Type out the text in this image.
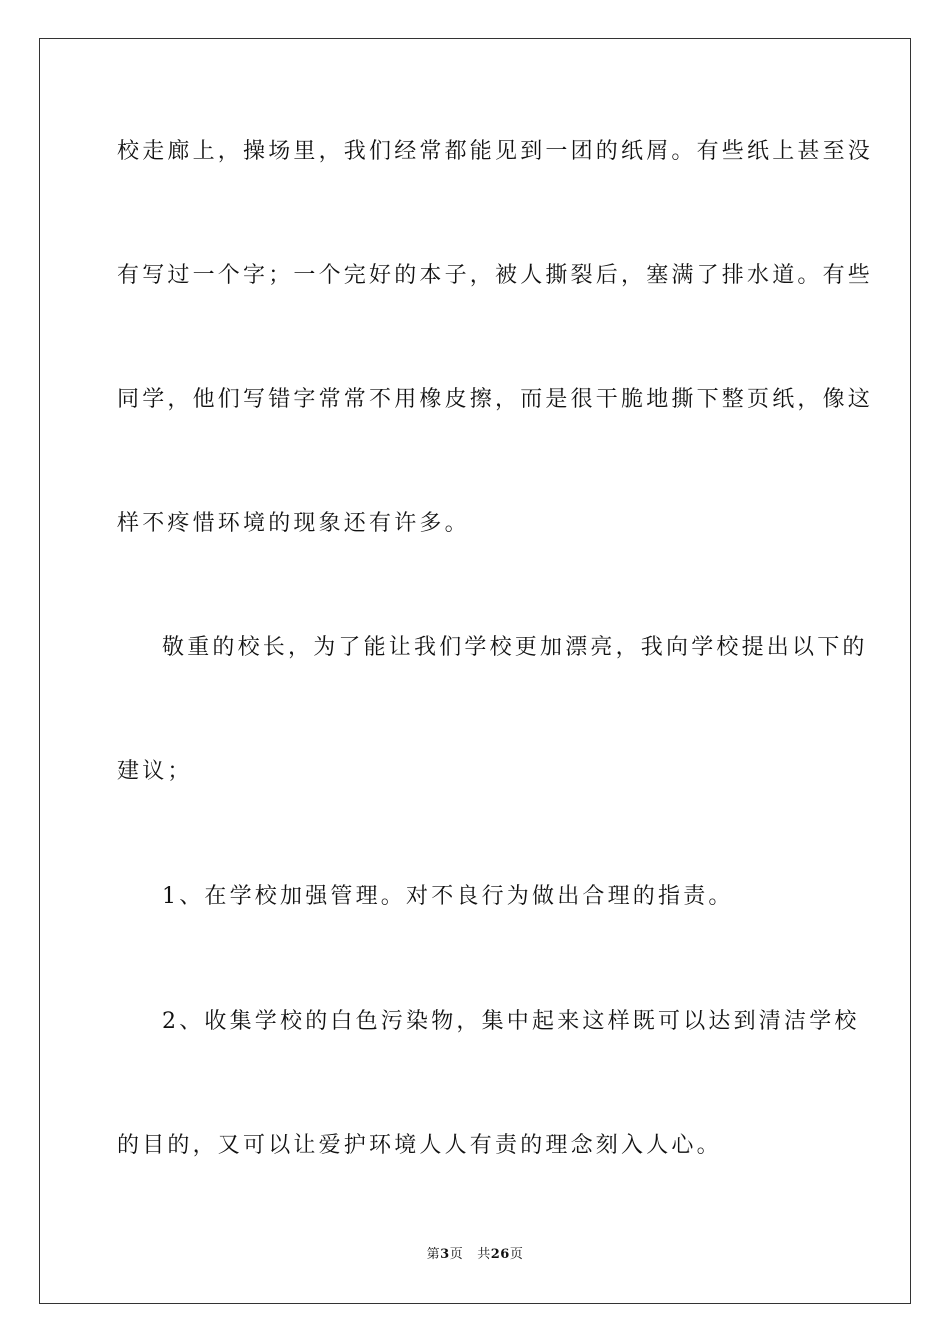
校走廊上，操场里，我们经常都能见到一团的纸屑。有些纸上甚至没
有写过一个字；一个完好的本子，被人撕裂后，塞满了排水道。有些
同学，他们写错字常常不用橡皮擦，而是很干脆地撕下整页纸，像这
样不疼惜环境的现象还有许多。
敬重的校长，为了能让我们学校更加漂亮，我向学校提出以下的
建议；
1、在学校加强管理。对不良行为做出合理的指责。
2、收集学校的白色污染物，集中起来这样既可以达到清洁学校
的目的，又可以让爱护环境人人有责的理念刻入人心。
第3页 共26页
